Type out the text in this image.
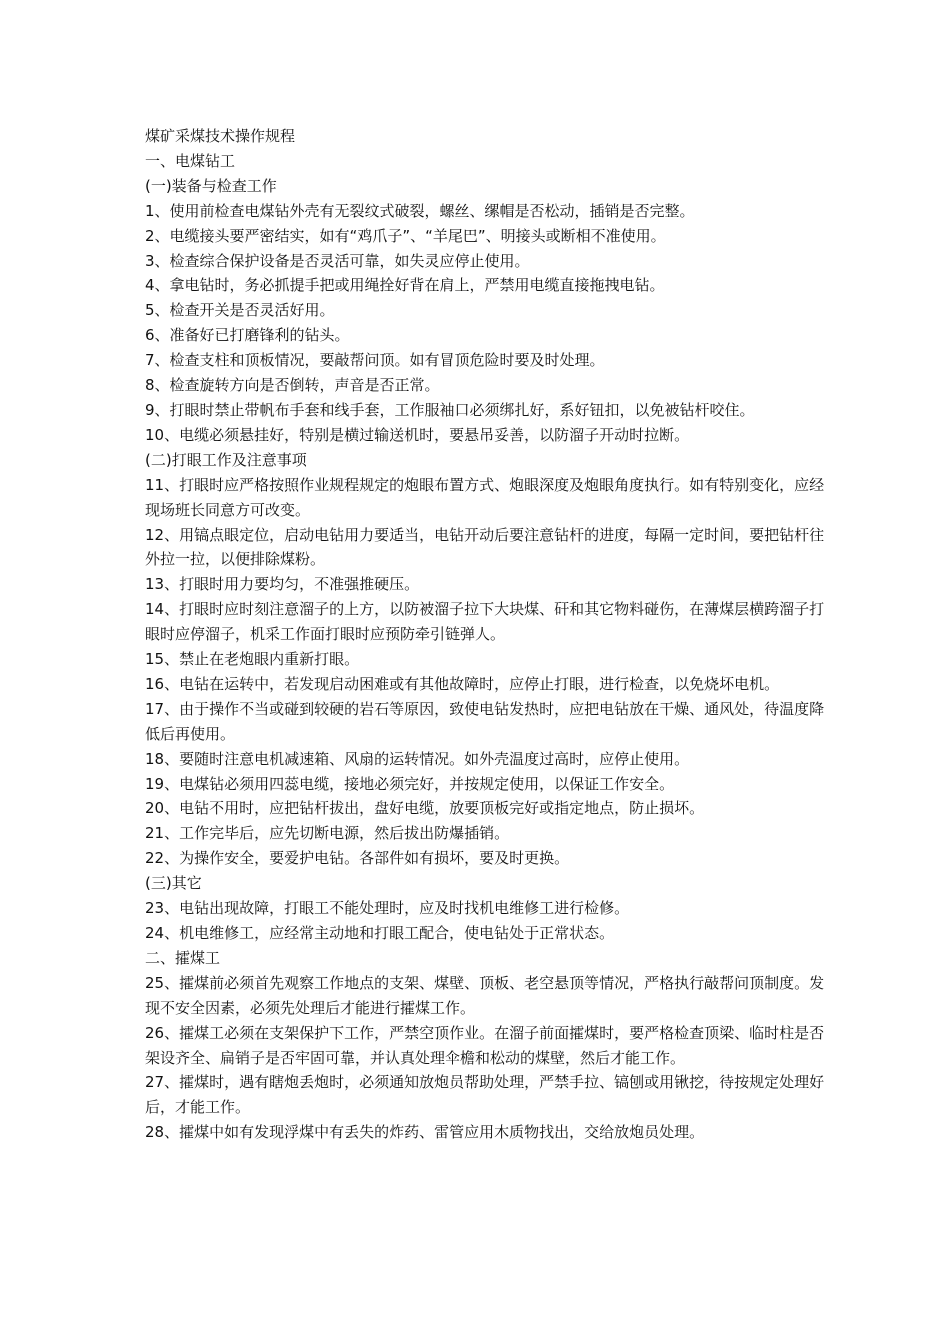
煤矿采煤技术操作规程

一、电煤钻工

(一)装备与检查工作

1、使用前检查电煤钻外壳有无裂纹式破裂，螺丝、缧帽是否松动，插销是否完整。

2、电缆接头要严密结实，如有“鸡爪子”、“羊尾巴”、明接头或断相不准使用。

3、检查综合保护设备是否灵活可靠，如失灵应停止使用。

4、拿电钻时，务必抓提手把或用绳拴好背在肩上，严禁用电缆直接拖拽电钻。

5、检查开关是否灵活好用。

6、准备好已打磨锋利的钻头。

7、检查支柱和顶板情况，要敲帮问顶。如有冒顶危险时要及时处理。

8、检查旋转方向是否倒转，声音是否正常。

9、打眼时禁止带帆布手套和线手套，工作服袖口必须绑扎好，系好钮扣，以免被钻杆咬住。

10、电缆必须悬挂好，特别是横过输送机时，要悬吊妥善，以防溜子开动时拉断。

(二)打眼工作及注意事项

11、打眼时应严格按照作业规程规定的炮眼布置方式、炮眼深度及炮眼角度执行。如有特别变化，应经现场班长同意方可改变。

12、用镐点眼定位，启动电钻用力要适当，电钻开动后要注意钻杆的进度，每隔一定时间，要把钻杆往外拉一拉，以便排除煤粉。

13、打眼时用力要均匀，不准强推硬压。

14、打眼时应时刻注意溜子的上方，以防被溜子拉下大块煤、矸和其它物料碰伤，在薄煤层横跨溜子打眼时应停溜子，机采工作面打眼时应预防牵引链弹人。

15、禁止在老炮眼内重新打眼。

16、电钻在运转中，若发现启动困难或有其他故障时，应停止打眼，进行检查，以免烧坏电机。

17、由于操作不当或碰到较硬的岩石等原因，致使电钻发热时，应把电钻放在干燥、通风处，待温度降低后再使用。

18、要随时注意电机减速箱、风扇的运转情况。如外壳温度过高时，应停止使用。

19、电煤钻必须用四蕊电缆，接地必须完好，并按规定使用，以保证工作安全。

20、电钻不用时，应把钻杆拔出，盘好电缆，放要顶板完好或指定地点，防止损坏。

21、工作完毕后，应先切断电源，然后拔出防爆插销。

22、为操作安全，要爱护电钻。各部件如有损坏，要及时更换。

(三)其它

23、电钻出现故障，打眼工不能处理时，应及时找机电维修工进行检修。

24、机电维修工，应经常主动地和打眼工配合，使电钻处于正常状态。

二、攉煤工

25、攉煤前必须首先观察工作地点的支架、煤壁、顶板、老空悬顶等情况，严格执行敲帮问顶制度。发现不安全因素，必须先处理后才能进行攉煤工作。

26、攉煤工必须在支架保护下工作，严禁空顶作业。在溜子前面攉煤时，要严格检查顶梁、临时柱是否架设齐全、扁销子是否牢固可靠，并认真处理伞檐和松动的煤壁，然后才能工作。

27、攉煤时，遇有瞎炮丢炮时，必须通知放炮员帮助处理，严禁手拉、镐刨或用锹挖，待按规定处理好后，才能工作。

28、攉煤中如有发现浮煤中有丢失的炸药、雷管应用木质物找出，交给放炮员处理。
